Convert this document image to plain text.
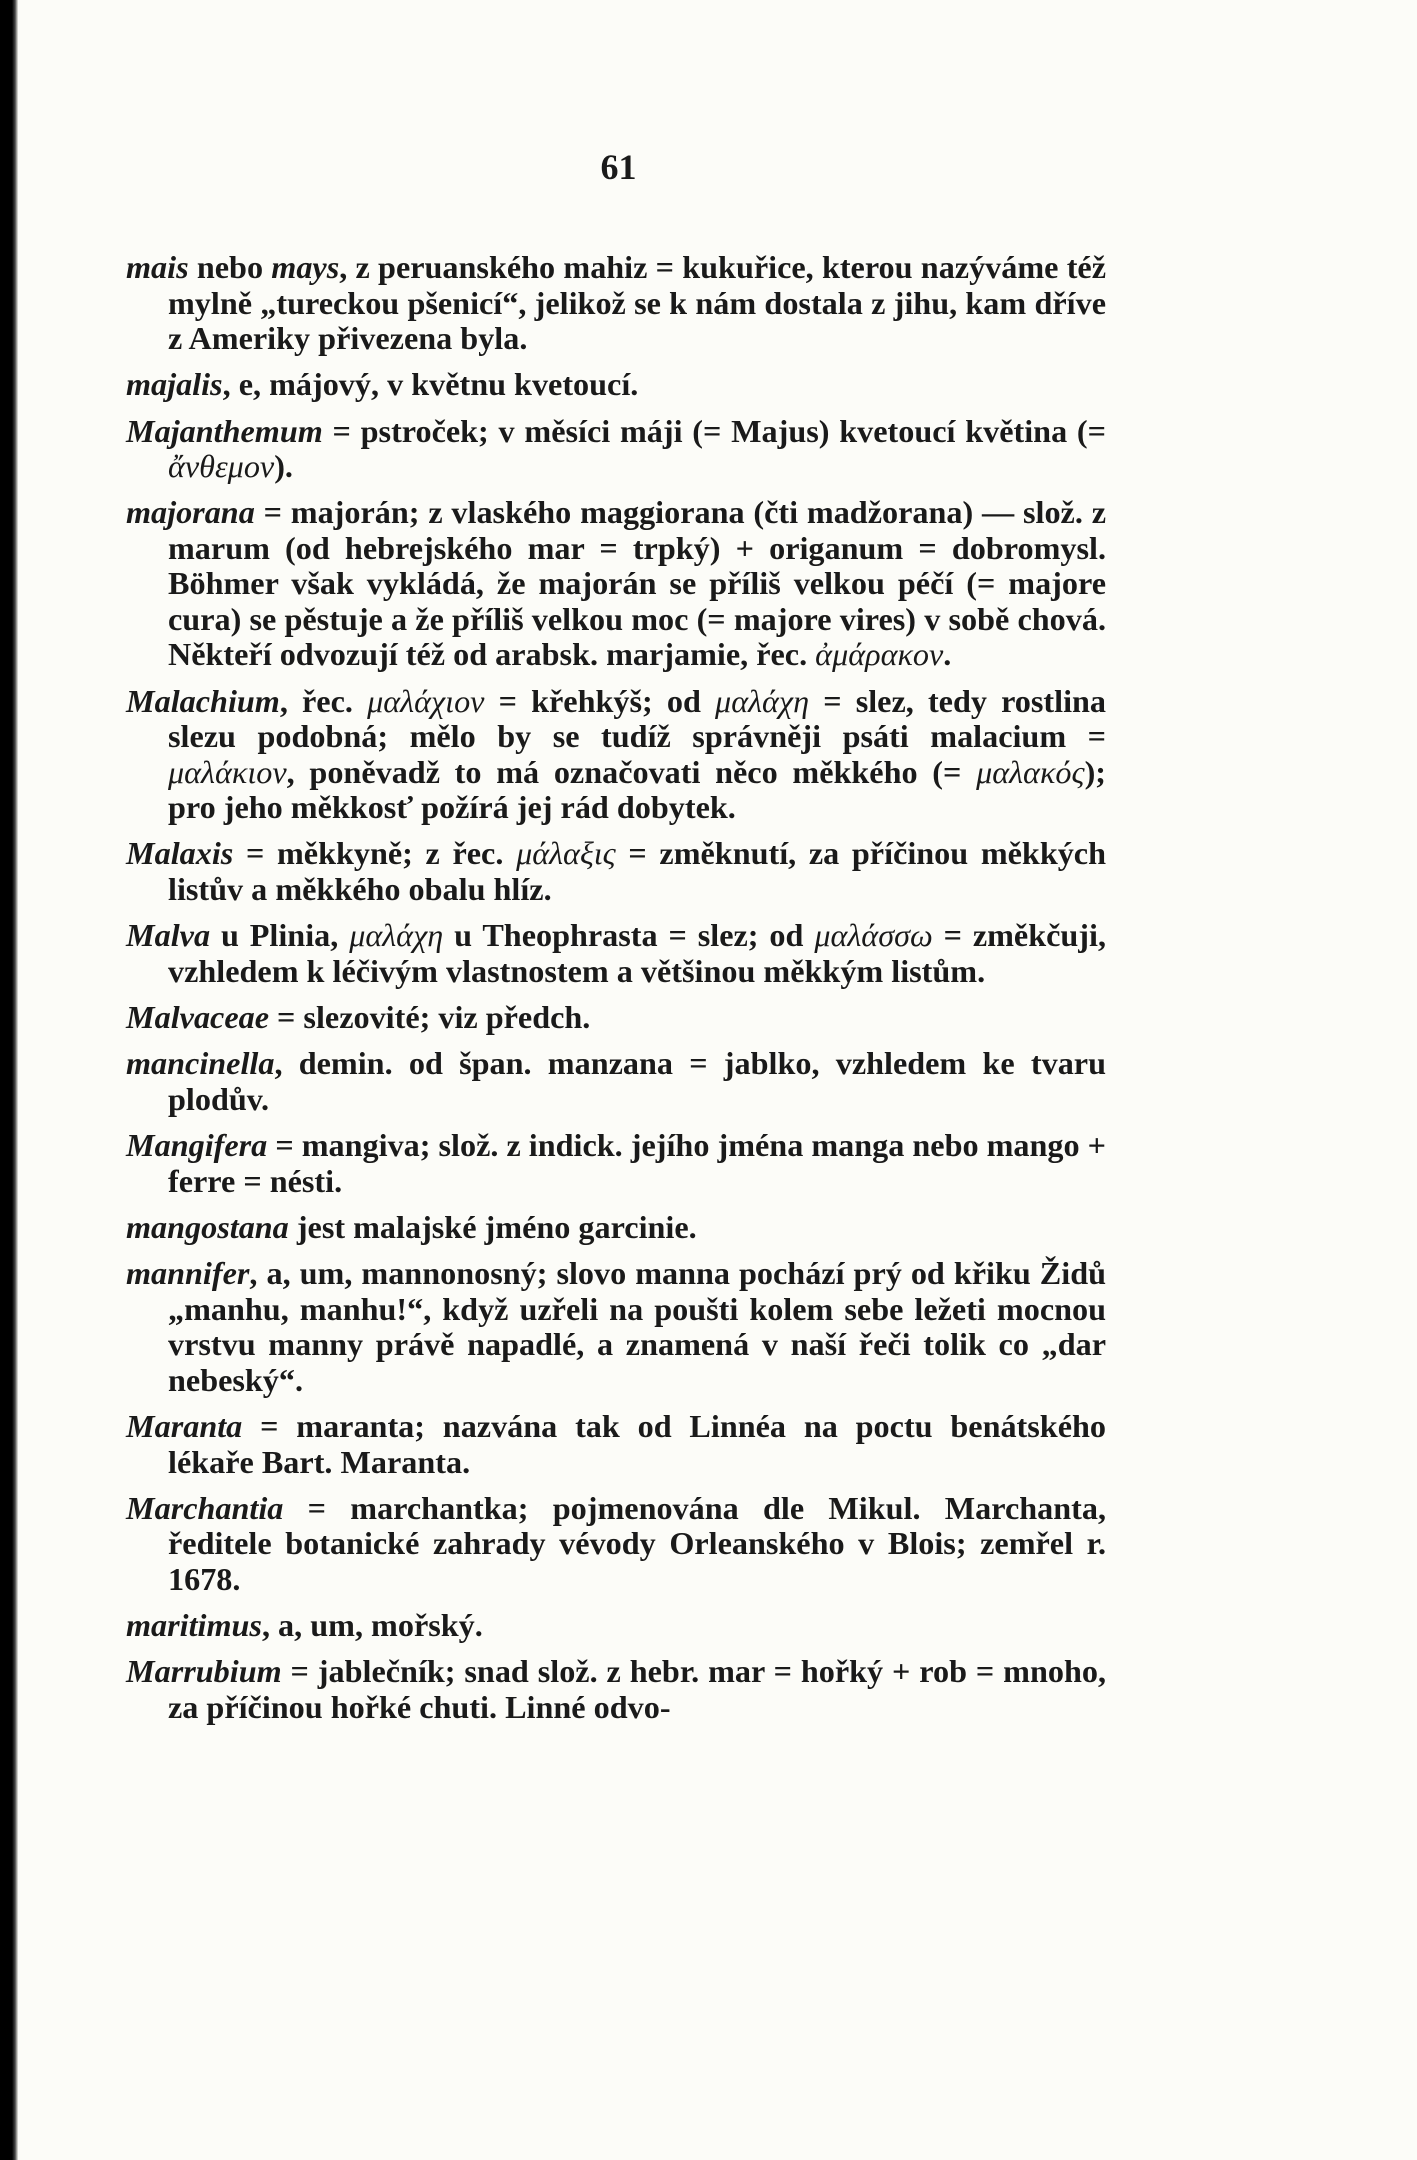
61

mais nebo mays, z peruanského mahiz = kukuřice, kterou nazýváme též mylně „tureckou pšenicí“, jelikož se k nám dostala z jihu, kam dříve z Ameriky přivezena byla.

majalis, e, májový, v květnu kvetoucí.

Majanthemum = pstroček; v měsíci máji (= Majus) kvetoucí květina (= ἄνθεμον).

majorana = majorán; z vlaského maggiorana (čti madžorana) — slož. z marum (od hebrejského mar = trpký) + origanum = dobromysl. Böhmer však vykládá, že majorán se příliš velkou péčí (= majore cura) se pěstuje a že příliš velkou moc (= majore vires) v sobě chová. Někteří odvozují též od arabsk. marjamie, řec. ἀμάρακον.

Malachium, řec. μαλάχιον = křehkýš; od μαλάχη = slez, tedy rostlina slezu podobná; mělo by se tudíž správněji psáti malacium = μαλάκιον, poněvadž to má označovati něco měkkého (= μαλακός); pro jeho měkkosť požírá jej rád dobytek.

Malaxis = měkkyně; z řec. μάλαξις = změknutí, za příčinou měkkých listův a měkkého obalu hlíz.

Malva u Plinia, μαλάχη u Theophrasta = slez; od μαλάσσω = změkčuji, vzhledem k léčivým vlastnostem a většinou měkkým listům.

Malvaceae = slezovité; viz předch.

mancinella, demin. od špan. manzana = jablko, vzhledem ke tvaru plodův.

Mangifera = mangiva; slož. z indick. jejího jména manga nebo mango + ferre = nésti.

mangostana jest malajské jméno garcinie.

mannifer, a, um, mannonosný; slovo manna pochází prý od křiku Židů „manhu, manhu!“, když uzřeli na poušti kolem sebe ležeti mocnou vrstvu manny právě napadlé, a znamená v naší řeči tolik co „dar nebeský“.

Maranta = maranta; nazvána tak od Linnéa na poctu benátského lékaře Bart. Maranta.

Marchantia = marchantka; pojmenována dle Mikul. Marchanta, ředitele botanické zahrady vévody Orleanského v Blois; zemřel r. 1678.

maritimus, a, um, mořský.

Marrubium = jablečník; snad slož. z hebr. mar = hořký + rob = mnoho, za příčinou hořké chuti. Linné odvo-
